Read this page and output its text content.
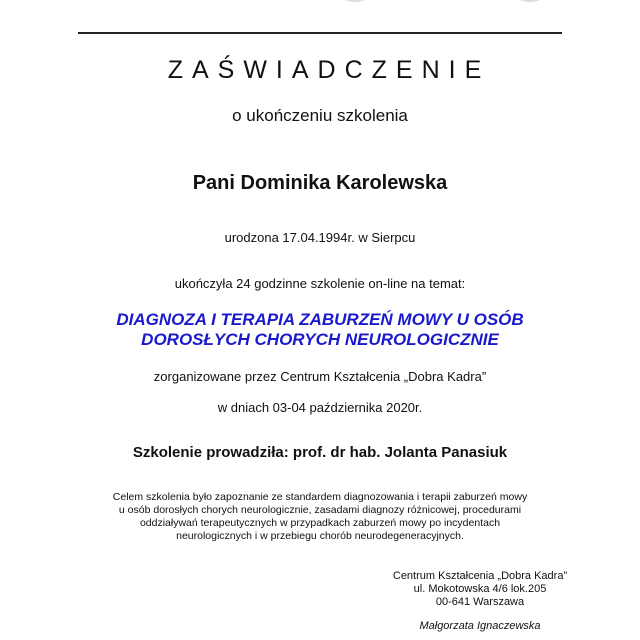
ZAŚWIADCZENIE
o ukończeniu szkolenia
Pani Dominika Karolewska
urodzona 17.04.1994r. w Sierpcu
ukończyła 24 godzinne szkolenie on-line na temat:
DIAGNOZA I TERAPIA ZABURZEŃ MOWY U OSÓB
DOROSŁYCH CHORYCH NEUROLOGICZNIE
zorganizowane przez Centrum Kształcenia „Dobra Kadra”
w dniach 03-04 października 2020r.
Szkolenie prowadziła: prof. dr hab. Jolanta Panasiuk
Celem szkolenia było zapoznanie ze standardem diagnozowania i terapii zaburzeń mowy u osób dorosłych chorych neurologicznie, zasadami diagnozy różnicowej, procedurami oddziaływań terapeutycznych w przypadkach zaburzeń mowy po incydentach neurologicznych i w przebiegu chorób neurodegeneracyjnych.
Centrum Kształcenia „Dobra Kadra”
ul. Mokotowska 4/6 lok.205
00-641 Warszawa
Małgorzata Ignaczewska
